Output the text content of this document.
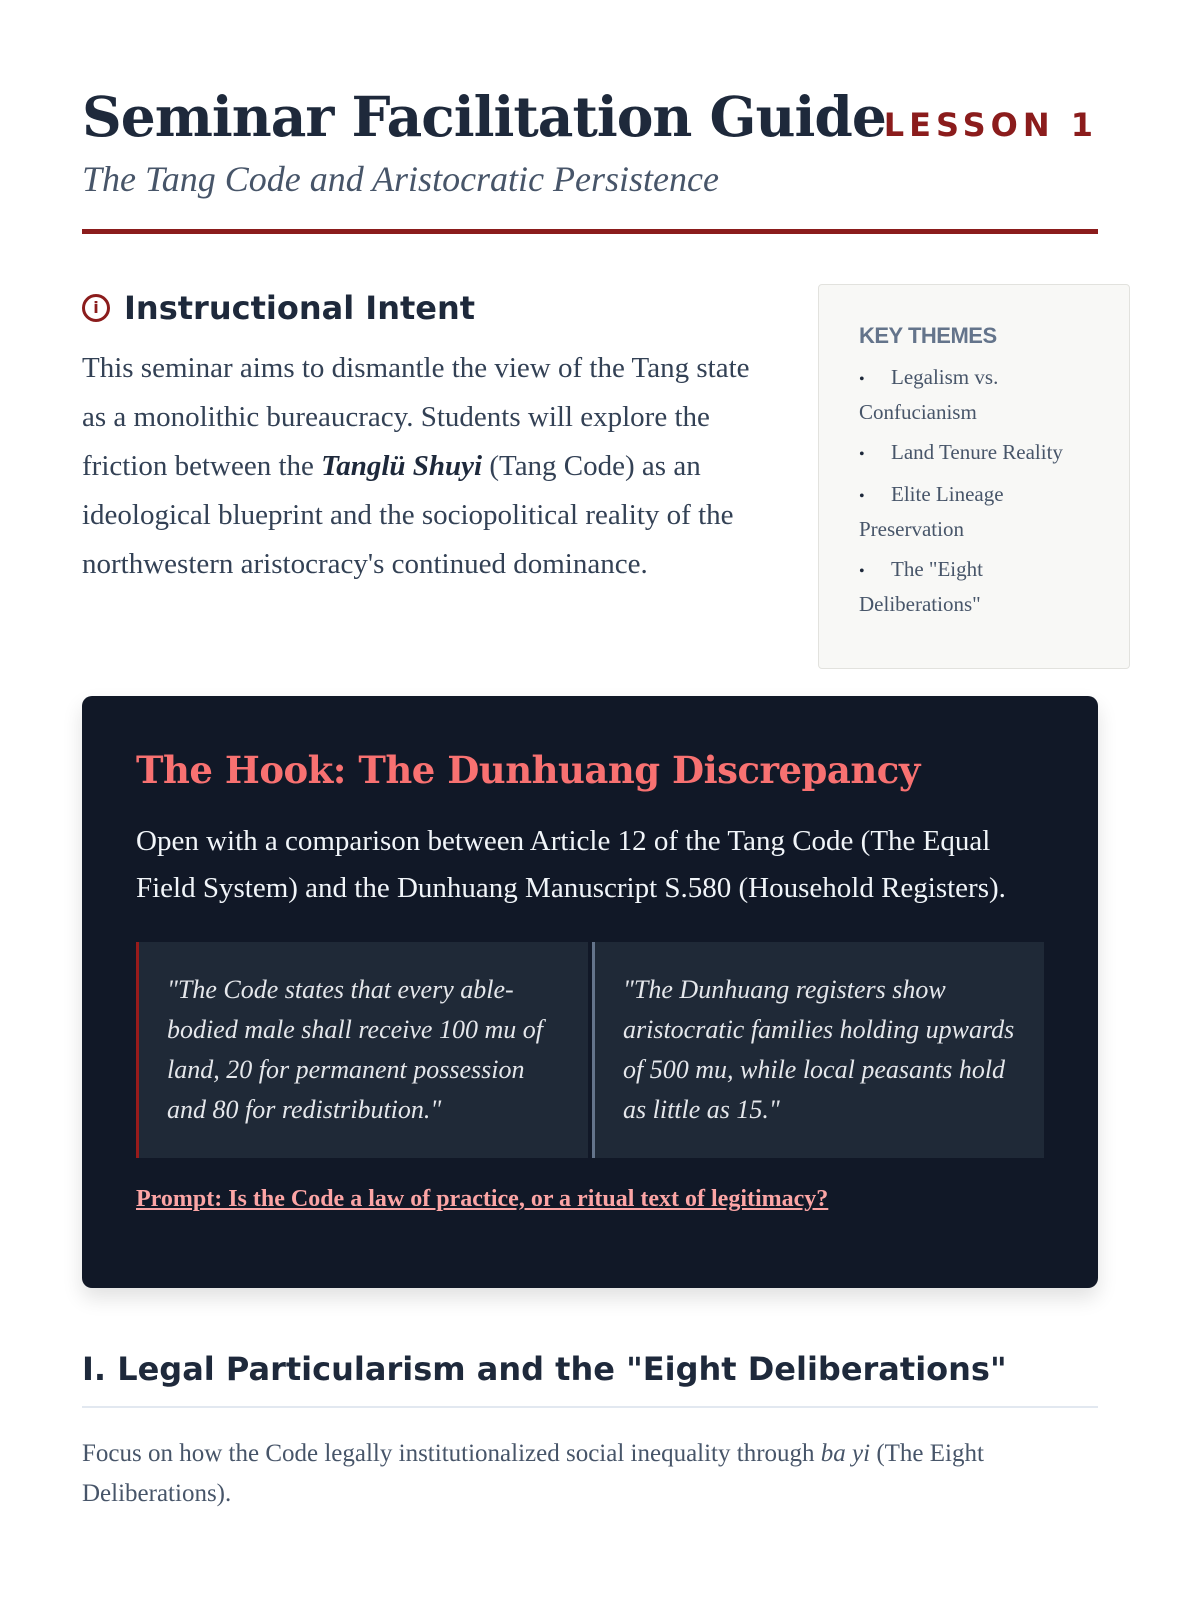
Seminar Facilitation Guide
LESSON 1
The Tang Code and Aristocratic Persistence
i Instructional Intent
This seminar aims to dismantle the view of the Tang state as a monolithic bureaucracy. Students will explore the friction between the Tanglü Shuyi (Tang Code) as an ideological blueprint and the sociopolitical reality of the northwestern aristocracy's continued dominance.
KEY THEMES
• Legalism vs. Confucianism
• Land Tenure Reality
• Elite Lineage Preservation
• The "Eight Deliberations"
The Hook: The Dunhuang Discrepancy
Open with a comparison between Article 12 of the Tang Code (The Equal Field System) and the Dunhuang Manuscript S.580 (Household Registers).
"The Code states that every able-bodied male shall receive 100 mu of land, 20 for permanent possession and 80 for redistribution."
"The Dunhuang registers show aristocratic families holding upwards of 500 mu, while local peasants hold as little as 15."
Prompt: Is the Code a law of practice, or a ritual text of legitimacy?
I. Legal Particularism and the "Eight Deliberations"
Focus on how the Code legally institutionalized social inequality through ba yi (The Eight Deliberations).
